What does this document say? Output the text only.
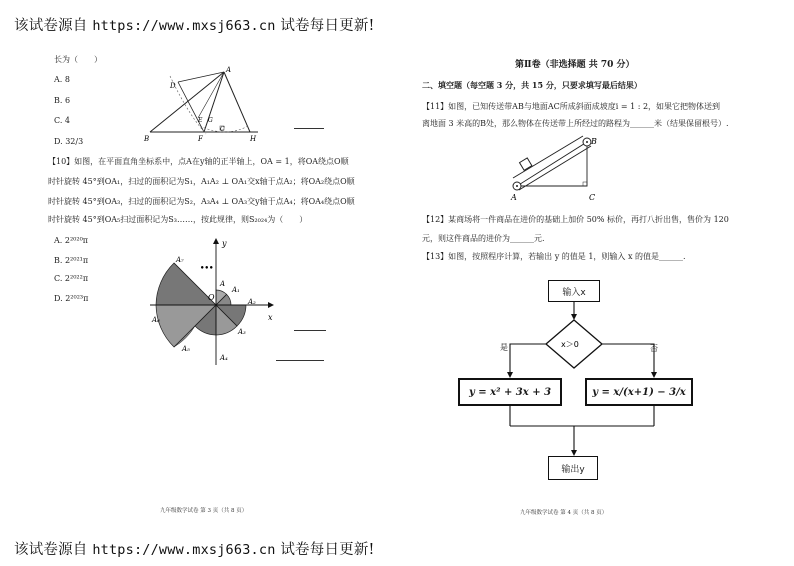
该试卷源自 https://www.mxsj663.cn 试卷每日更新!
该试卷源自 https://www.mxsj663.cn 试卷每日更新!
长为（　　）
A. 8
B. 6
C. 4
D. 32/3
A
B
C
D
E
F
G
H
【10】如图，在平面直角坐标系中，点A在y轴的正半轴上，OA = 1，将OA绕点O顺
时针旋转 45°到OA₁，扫过的面积记为S₁，A₁A₂ ⊥ OA₁交x轴于点A₂；将OA₂绕点O顺
时针旋转 45°到OA₃，扫过的面积记为S₂，A₃A₄ ⊥ OA₃交y轴于点A₄；将OA₄绕点O顺
时针旋转 45°到OA₅扫过面积记为S₃……，按此规律，则S₂₀₂₄为（　　）
A. 2²⁰²⁰π
B. 2²⁰²¹π
C. 2²⁰²²π
D. 2²⁰²³π
y
x
O
A
A₁
A₂
A₃
A₄
A₅
A₆
A₇
•••
九年级数学试卷 第 3 页（共 8 页）
第Ⅱ卷（非选择题 共 70 分）
二、填空题（每空题 3 分，共 15 分，只要求填写最后结果）
【11】如图，已知传送带AB与地面AC所成斜面成坡度i = 1 : 2，如果它把物体送到
离地面 3 米高的B处，那么物体在传送带上所经过的路程为______米（结果保留根号）.
A
B
C
【12】某商场将一件商品在进价的基础上加价 50% 标价，再打八折出售，售价为 120
元，则这件商品的进价为______元.
【13】如图，按照程序计算，若输出 y 的值是 1，则输入 x 的值是______.
x＞0
是	否
输入x
y = x² + 3x + 3	y = x/(x+1) − 3/x
输出y
九年级数学试卷 第 4 页（共 8 页）
